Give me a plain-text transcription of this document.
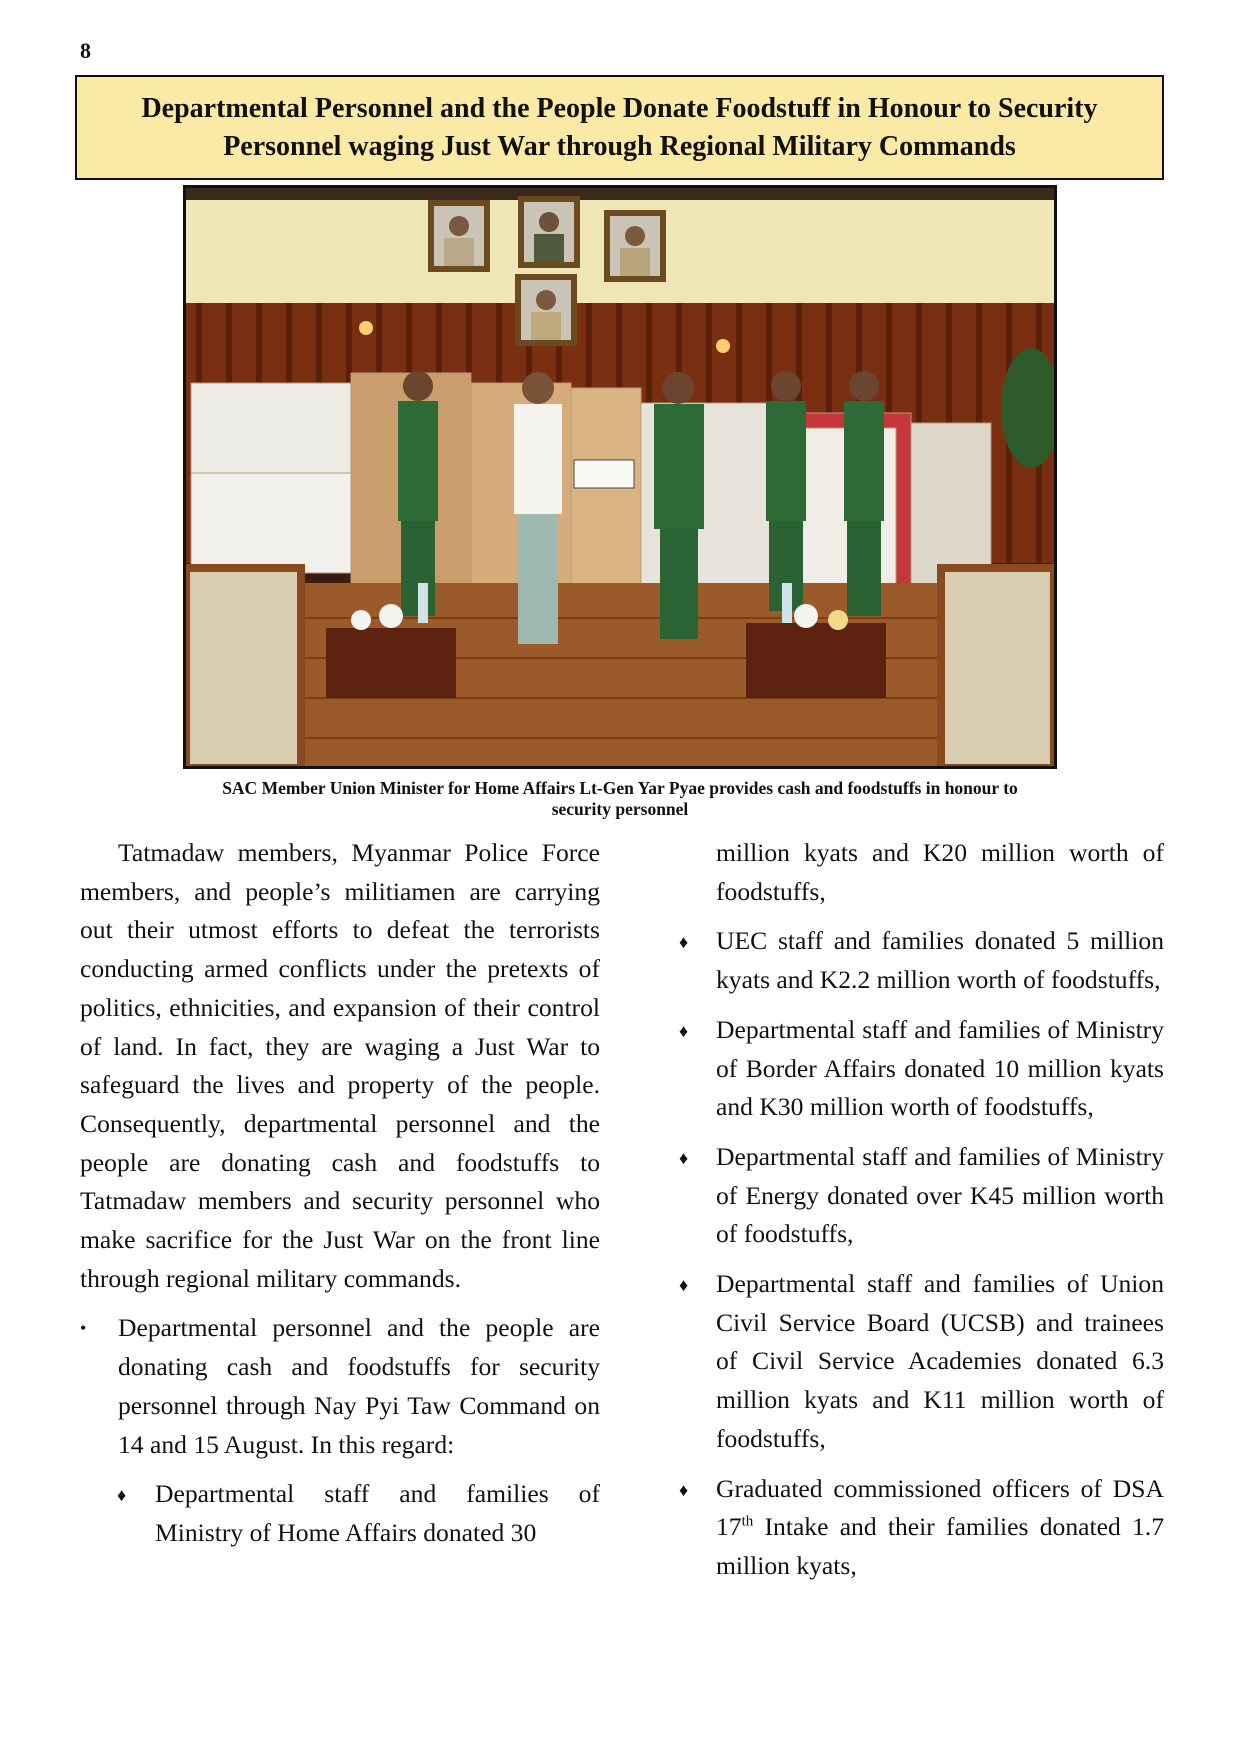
8
Departmental Personnel and the People Donate Foodstuff in Honour to Security
Personnel waging Just War through Regional Military Commands
SAC Member Union Minister for Home Affairs Lt-Gen Yar Pyae provides cash and foodstuffs in honour to
security personnel

Tatmadaw members, Myanmar Police Force members, and people’s militiamen are carrying out their utmost efforts to defeat the terrorists conducting armed conflicts under the pretexts of politics, ethnicities, and expansion of their control of land. In fact, they are waging a Just War to safeguard the lives and property of the people. Consequently, departmental personnel and the people are donating cash and foodstuffs to Tatmadaw members and security personnel who make sacrifice for the Just War on the front line through regional military commands.

• Departmental personnel and the people are donating cash and foodstuffs for security personnel through Nay Pyi Taw Command on 14 and 15 August. In this regard:
♦ Departmental staff and families of Ministry of Home Affairs donated 30
million kyats and K20 million worth of foodstuffs,
♦ UEC staff and families donated 5 million kyats and K2.2 million worth of foodstuffs,
♦ Departmental staff and families of Ministry of Border Affairs donated 10 million kyats and K30 million worth of foodstuffs,
♦ Departmental staff and families of Ministry of Energy donated over K45 million worth of foodstuffs,
♦ Departmental staff and families of Union Civil Service Board (UCSB) and trainees of Civil Service Academies donated 6.3 million kyats and K11 million worth of foodstuffs,
♦ Graduated commissioned officers of DSA 17th Intake and their families donated 1.7 million kyats,
